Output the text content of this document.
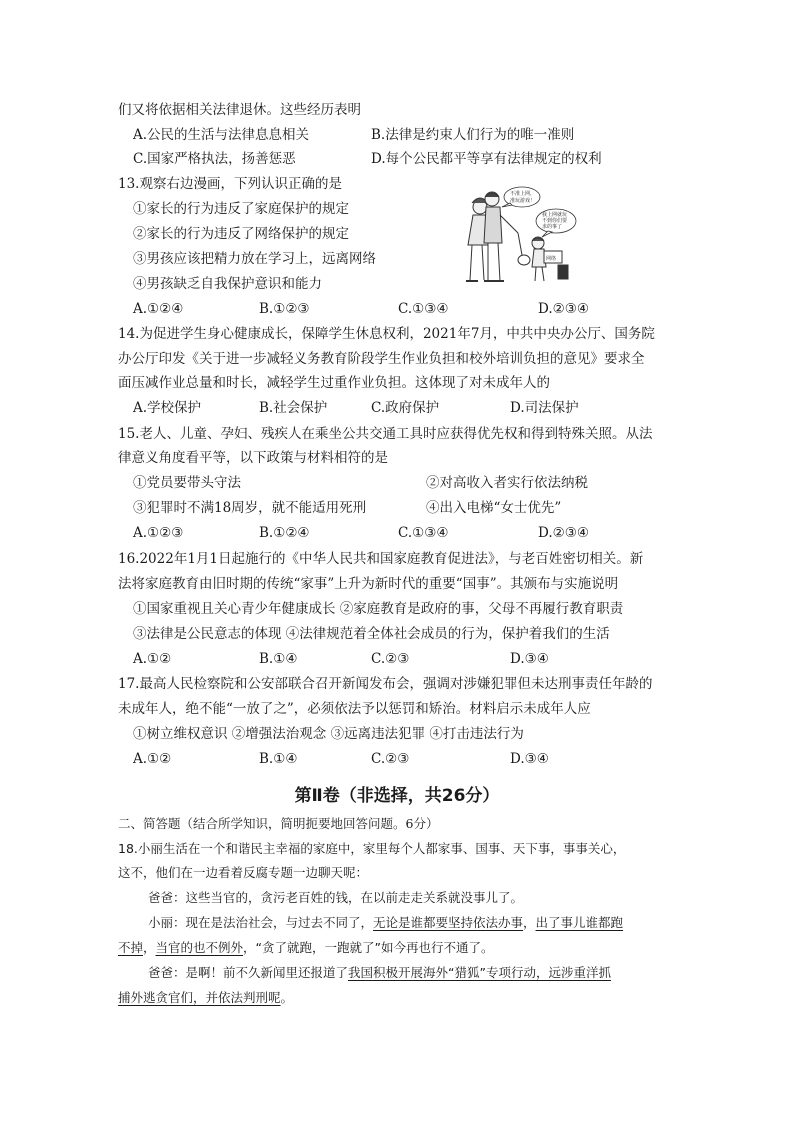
们又将依据相关法律退休。这些经历表明
A.公民的生活与法律息息相关	B.法律是约束人们行为的唯一准则
C.国家严格执法，扬善惩恶	D.每个公民都平等享有法律规定的权利
13.观察右边漫画，下列认识正确的是
①家长的行为违反了家庭保护的规定
②家长的行为违反了网络保护的规定
③男孩应该把精力放在学习上，远离网络
④男孩缺乏自我保护意识和能力
网络
不准上网，
准玩游戏！
我上网就玩
不到你们要
求的事了
A.①②④	B.①②③	C.①③④	D.②③④
14.为促进学生身心健康成长，保障学生休息权利，2021年7月，中共中央办公厅、国务院
办公厅印发《关于进一步减轻义务教育阶段学生作业负担和校外培训负担的意见》要求全
面压减作业总量和时长，减轻学生过重作业负担。这体现了对未成年人的
A.学校保护	B.社会保护	C.政府保护	D.司法保护
15.老人、儿童、孕妇、残疾人在乘坐公共交通工具时应获得优先权和得到特殊关照。从法
律意义角度看平等，以下政策与材料相符的是
①党员要带头守法	②对高收入者实行依法纳税
③犯罪时不满18周岁，就不能适用死刑	④出入电梯“女士优先”
A.①②③	B.①②④	C.①③④	D.②③④
16.2022年1月1日起施行的《中华人民共和国家庭教育促进法》，与老百姓密切相关。新
法将家庭教育由旧时期的传统“家事”上升为新时代的重要“国事”。其颁布与实施说明
①国家重视且关心青少年健康成长 ②家庭教育是政府的事，父母不再履行教育职责
③法律是公民意志的体现 ④法律规范着全体社会成员的行为，保护着我们的生活
A.①②	B.①④	C.②③	D.③④
17.最高人民检察院和公安部联合召开新闻发布会，强调对涉嫌犯罪但未达刑事责任年龄的
未成年人，绝不能“一放了之”，必须依法予以惩罚和矫治。材料启示未成年人应
①树立维权意识 ②增强法治观念 ③远离违法犯罪 ④打击违法行为
A.①②	B.①④	C.②③	D.③④
第Ⅱ卷（非选择，共26分）
二、简答题（结合所学知识，简明扼要地回答问题。6分）
18.小丽生活在一个和谐民主幸福的家庭中，家里每个人都家事、国事、天下事，事事关心，
这不，他们在一边看着反腐专题一边聊天呢：
爸爸：这些当官的，贪污老百姓的钱，在以前走走关系就没事儿了。
小丽：现在是法治社会，与过去不同了，无论是谁都要坚持依法办事，出了事儿谁都跑
不掉，当官的也不例外，“贪了就跑，一跑就了”如今再也行不通了。
爸爸：是啊！前不久新闻里还报道了我国积极开展海外“猎狐”专项行动，远涉重洋抓
捕外逃贪官们，并依法判刑呢。
